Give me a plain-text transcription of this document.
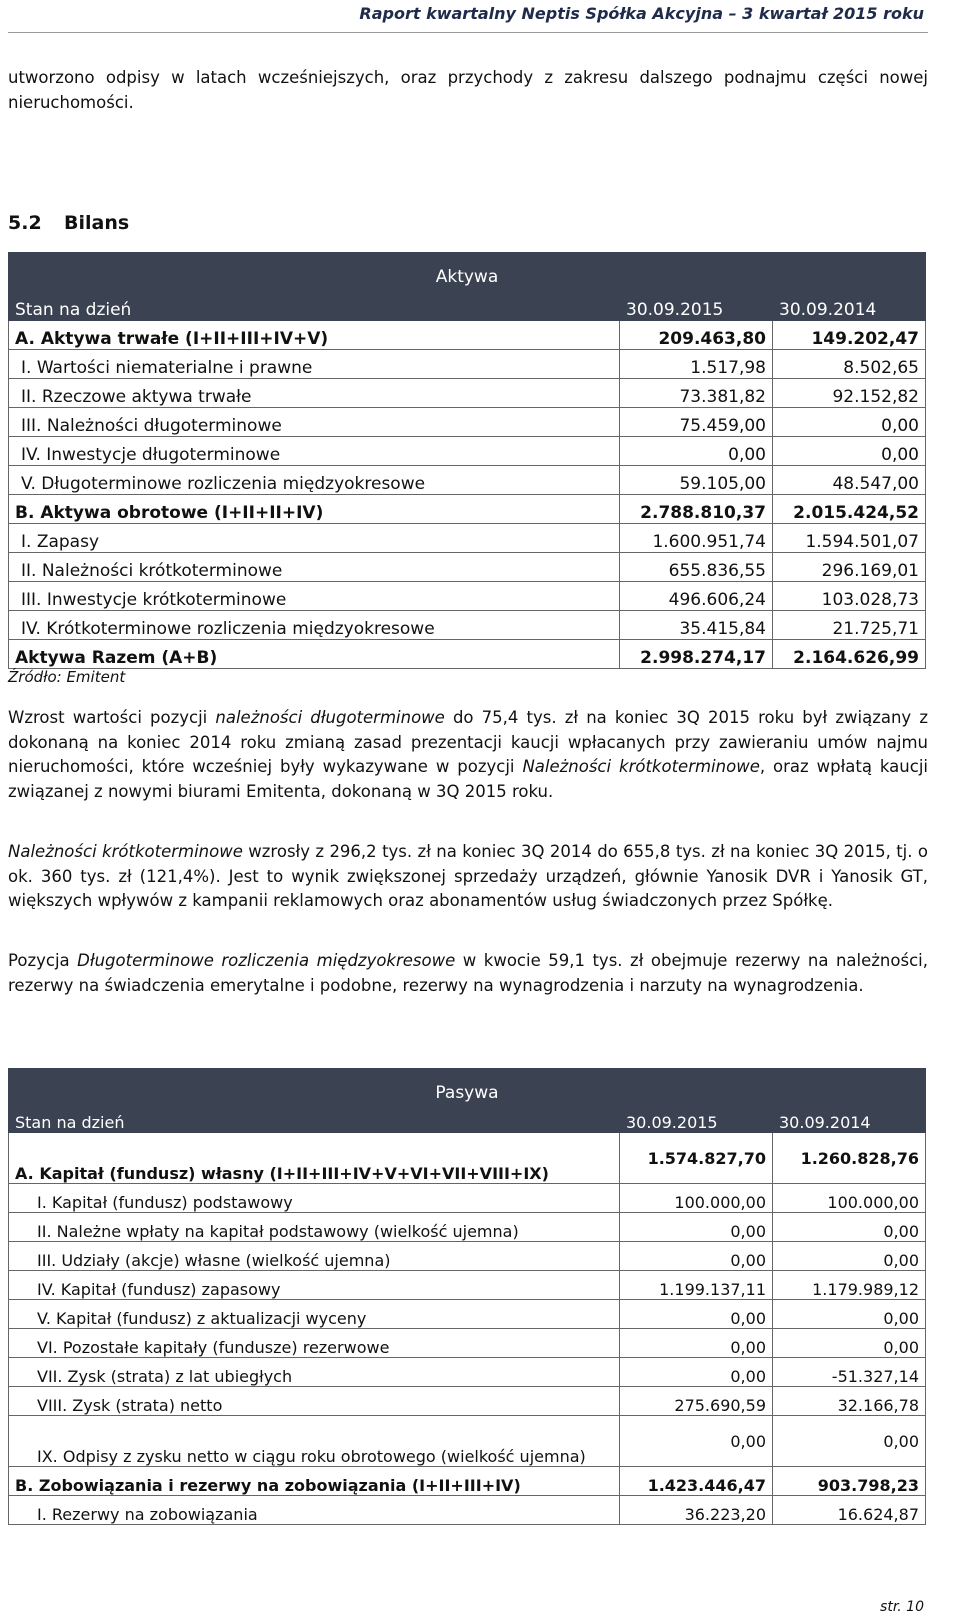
Raport kwartalny Neptis Spółka Akcyjna – 3 kwartał 2015 roku
utworzono odpisy w latach wcześniejszych, oraz przychody z zakresu dalszego podnajmu części nowej nieruchomości.
5.2 Bilans
Aktywa		
Stan na dzień	30.09.2015	30.09.2014
A. Aktywa trwałe (I+II+III+IV+V)	209.463,80	149.202,47
I. Wartości niematerialne i prawne	1.517,98	8.502,65
II. Rzeczowe aktywa trwałe	73.381,82	92.152,82
III. Należności długoterminowe	75.459,00	0,00
IV. Inwestycje długoterminowe	0,00	0,00
V. Długoterminowe rozliczenia międzyokresowe	59.105,00	48.547,00
B. Aktywa obrotowe (I+II+II+IV)	2.788.810,37	2.015.424,52
I. Zapasy	1.600.951,74	1.594.501,07
II. Należności krótkoterminowe	655.836,55	296.169,01
III. Inwestycje krótkoterminowe	496.606,24	103.028,73
IV. Krótkoterminowe rozliczenia międzyokresowe	35.415,84	21.725,71
Aktywa Razem (A+B)	2.998.274,17	2.164.626,99
Źródło: Emitent
Wzrost wartości pozycji należności długoterminowe do 75,4 tys. zł na koniec 3Q 2015 roku był związany z dokonaną na koniec 2014 roku zmianą zasad prezentacji kaucji wpłacanych przy zawieraniu umów najmu nieruchomości, które wcześniej były wykazywane w pozycji Należności krótkoterminowe, oraz wpłatą kaucji związanej z nowymi biurami Emitenta, dokonaną w 3Q 2015 roku.
Należności krótkoterminowe wzrosły z 296,2 tys. zł na koniec 3Q 2014 do 655,8 tys. zł na koniec 3Q 2015, tj. o ok. 360 tys. zł (121,4%). Jest to wynik zwiększonej sprzedaży urządzeń, głównie Yanosik DVR i Yanosik GT, większych wpływów z kampanii reklamowych oraz abonamentów usług świadczonych przez Spółkę.
Pozycja Długoterminowe rozliczenia międzyokresowe w kwocie 59,1 tys. zł obejmuje rezerwy na należności, rezerwy na świadczenia emerytalne i podobne, rezerwy na wynagrodzenia i narzuty na wynagrodzenia.
Pasywa		
Stan na dzień	30.09.2015	30.09.2014
A. Kapitał (fundusz) własny (I+II+III+IV+V+VI+VII+VIII+IX)	1.574.827,70	1.260.828,76
I. Kapitał (fundusz) podstawowy	100.000,00	100.000,00
II. Należne wpłaty na kapitał podstawowy (wielkość ujemna)	0,00	0,00
III. Udziały (akcje) własne (wielkość ujemna)	0,00	0,00
IV. Kapitał (fundusz) zapasowy	1.199.137,11	1.179.989,12
V. Kapitał (fundusz) z aktualizacji wyceny	0,00	0,00
VI. Pozostałe kapitały (fundusze) rezerwowe	0,00	0,00
VII. Zysk (strata) z lat ubiegłych	0,00	-51.327,14
VIII. Zysk (strata) netto	275.690,59	32.166,78
IX. Odpisy z zysku netto w ciągu roku obrotowego (wielkość ujemna)	0,00	0,00
B. Zobowiązania i rezerwy na zobowiązania (I+II+III+IV)	1.423.446,47	903.798,23
I. Rezerwy na zobowiązania	36.223,20	16.624,87
str. 10
